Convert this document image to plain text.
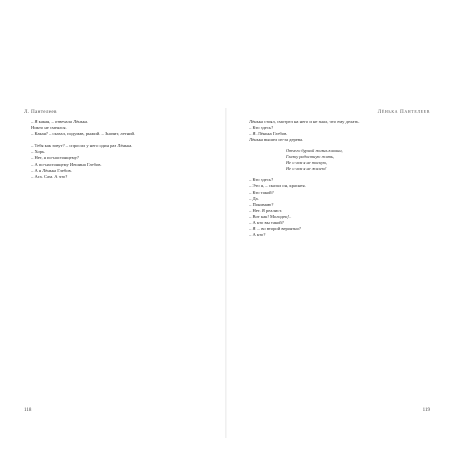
Л. Пантелеев

– Я какая, – отвечала Лёнька.

Никто не смеялся.

– Какая? – сказал, подумав, рыжий. – Значит, летний.

– Тебя как зовут? – спросил у него один раз Лёнька.

– Хорь.

– Нет, я по-настоящему?

– А по-настоящему Иешина Глебов.

– А я Лёнька Глебов.

– Ага. Сам. А что?

118
Лёнька Пантелеев

Лёнька стоял, смотрел на него и не знал, что ему делать.

– Кто здесь?

– Я. Лёнька Глебов.

Лёнька вышел из-за дерева.

Отчего бурной жизнь юноши,
Глазку радостную жить,
Не о чем я не тоскую,
Не о чем я не жалею!

– Кто здесь?

– Это я, – сказал он, краснея.

– Кто такой?

– Да.

– Понимаю?

– Нет. Я реалист.

– Вот как! Молодец!..

– А кто вы такой?

– Я ... во второй вероятно?

– А кто?

119
